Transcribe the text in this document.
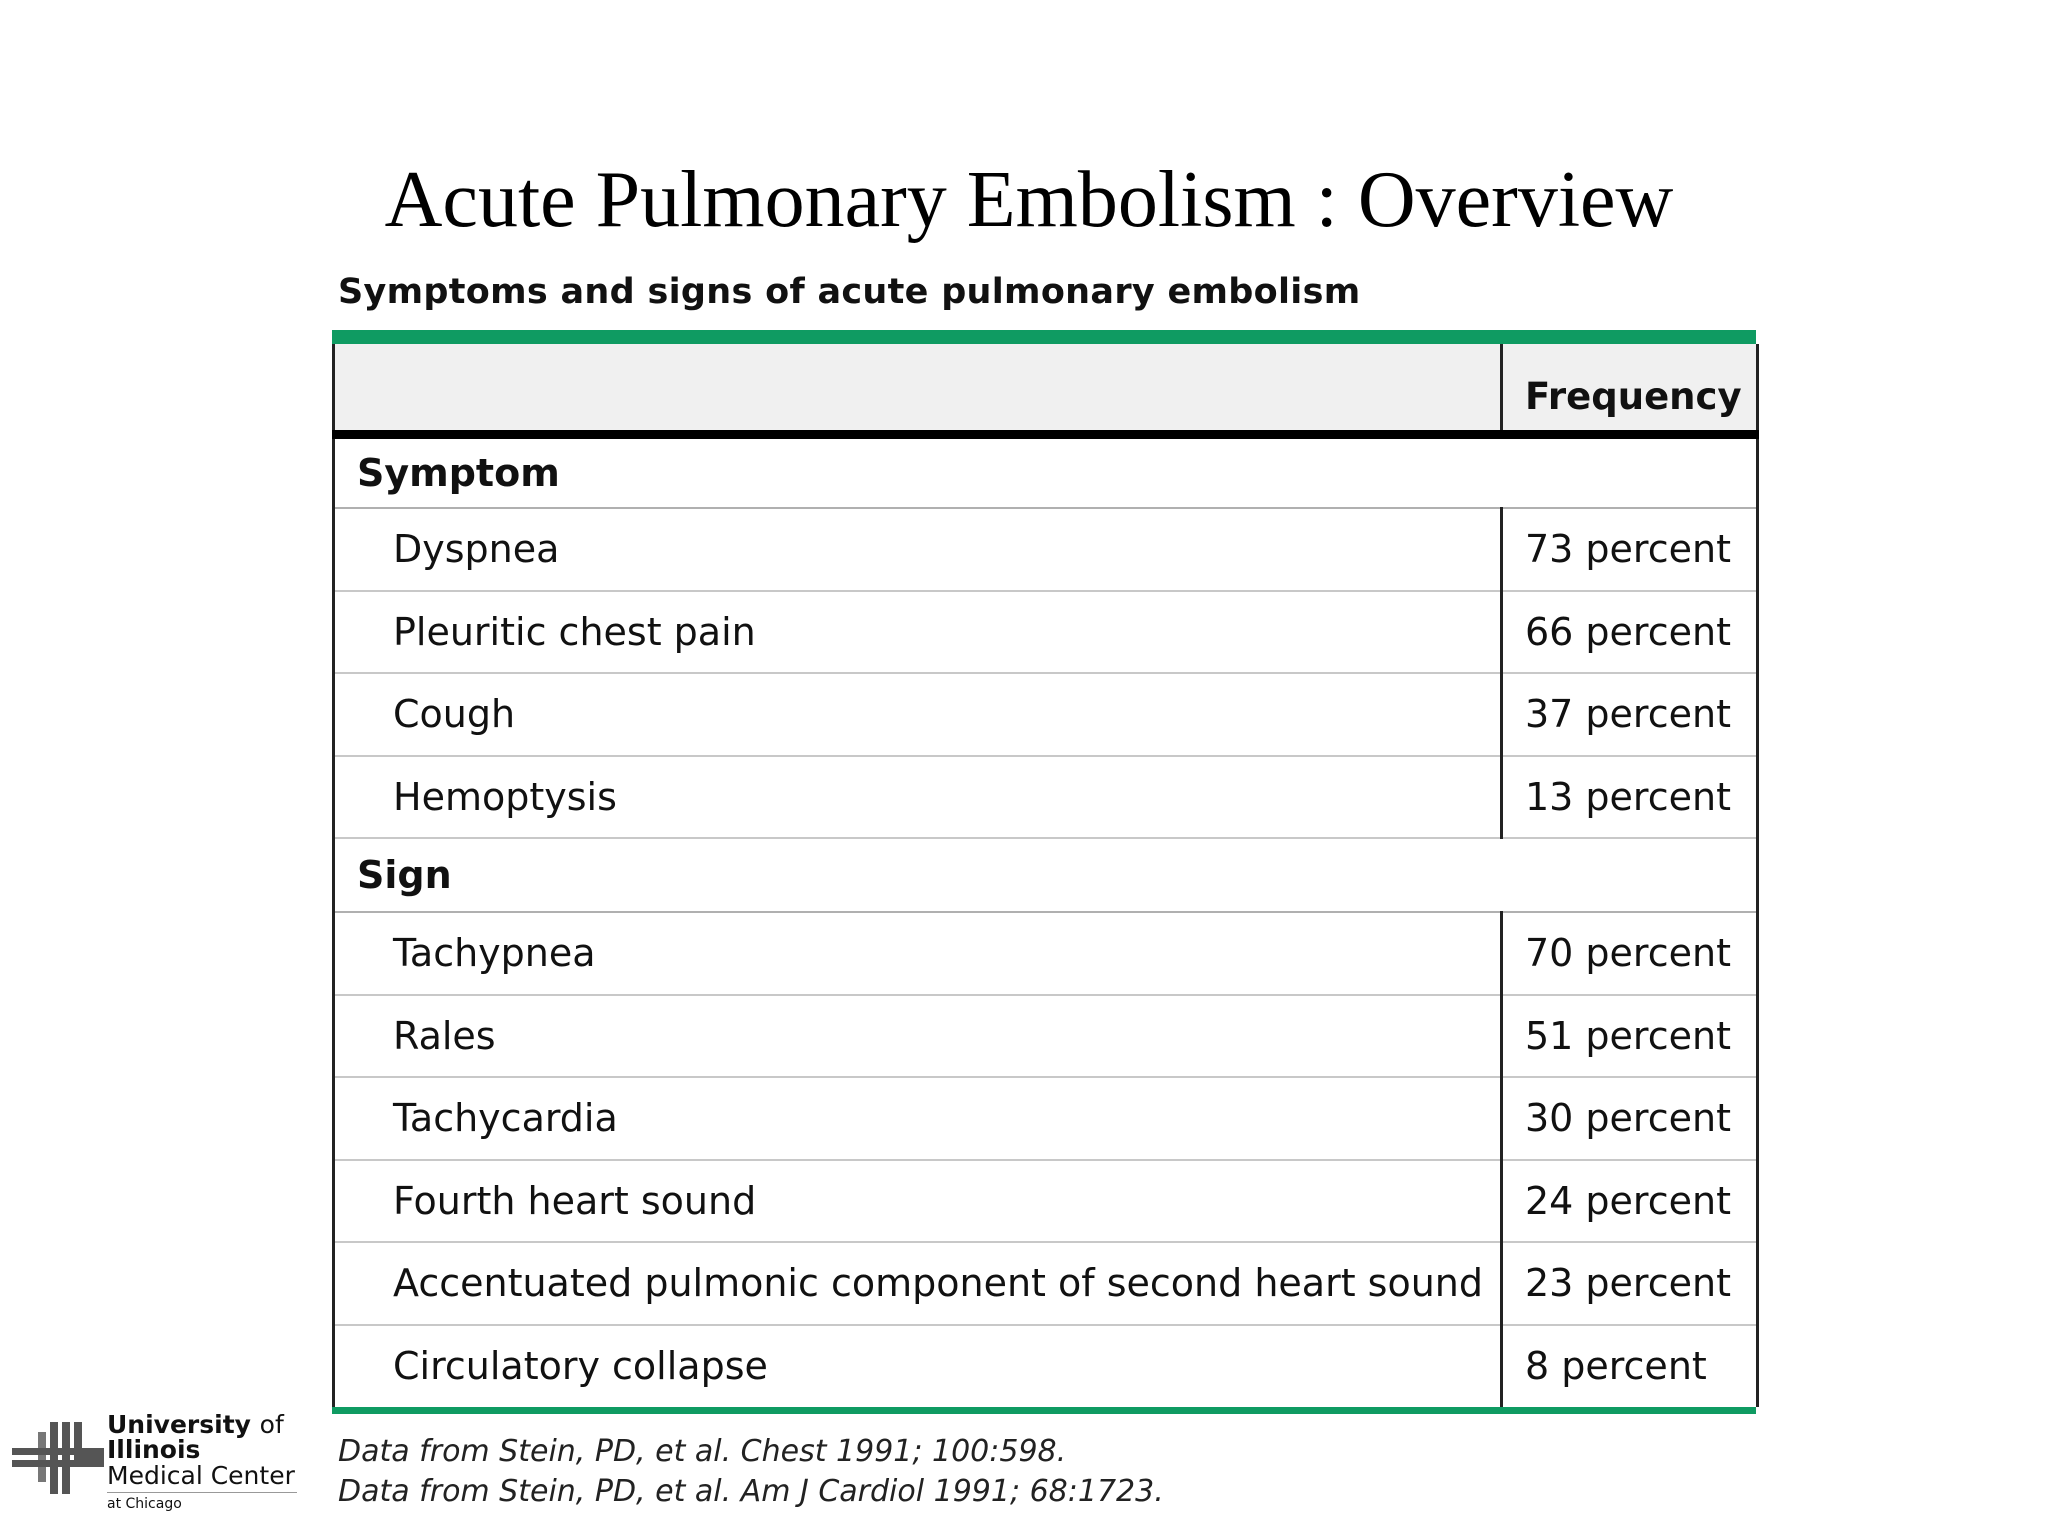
Acute Pulmonary Embolism : Overview
Symptoms and signs of acute pulmonary embolism
	Frequency
Symptom	
Dyspnea	73 percent
Pleuritic chest pain	66 percent
Cough	37 percent
Hemoptysis	13 percent
Sign	
Tachypnea	70 percent
Rales	51 percent
Tachycardia	30 percent
Fourth heart sound	24 percent
Accentuated pulmonic component of second heart sound	23 percent
Circulatory collapse	8 percent
Data from Stein, PD, et al. Chest 1991; 100:598.
Data from Stein, PD, et al. Am J Cardiol 1991; 68:1723.
University of
Illinois
Medical Center
at Chicago
